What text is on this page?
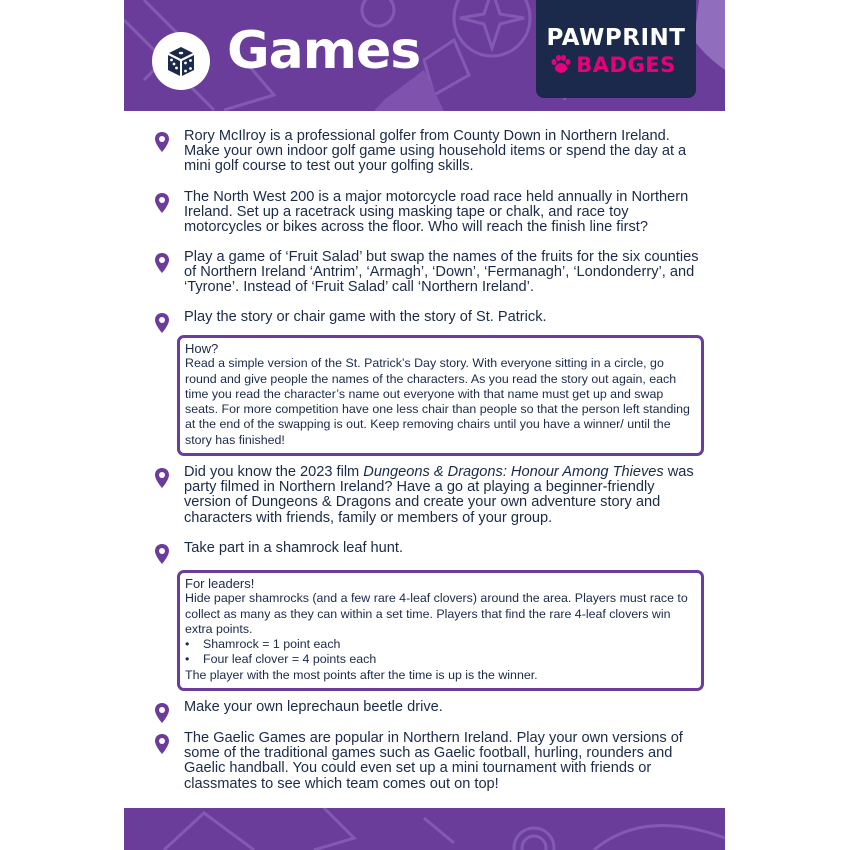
Games	PAWPRINT
BADGES
Rory McIlroy is a professional golfer from County Down in Northern Ireland. Make your own indoor golf game using household items or spend the day at a mini golf course to test out your golfing skills.
The North West 200 is a major motorcycle road race held annually in Northern Ireland. Set up a racetrack using masking tape or chalk, and race toy motorcycles or bikes across the floor. Who will reach the finish line first?
Play a game of ‘Fruit Salad’ but swap the names of the fruits for the six counties of Northern Ireland ‘Antrim’, ‘Armagh’, ‘Down’, ‘Fermanagh’, ‘Londonderry’, and ‘Tyrone’. Instead of ‘Fruit Salad’ call ‘Northern Ireland’.
Play the story or chair game with the story of St. Patrick.
How?
Read a simple version of the St. Patrick’s Day story. With everyone sitting in a circle, go round and give people the names of the characters. As you read the story out again, each time you read the character’s name out everyone with that name must get up and swap seats. For more competition have one less chair than people so that the person left standing at the end of the swapping is out. Keep removing chairs until you have a winner/ until the story has finished!
Did you know the 2023 film Dungeons & Dragons: Honour Among Thieves was party filmed in Northern Ireland? Have a go at playing a beginner-friendly version of Dungeons & Dragons and create your own adventure story and characters with friends, family or members of your group.
Take part in a shamrock leaf hunt.
For leaders!
Hide paper shamrocks (and a few rare 4-leaf clovers) around the area. Players must race to collect as many as they can within a set time. Players that find the rare 4-leaf clovers win extra points.
•	Shamrock = 1 point each
•	Four leaf clover = 4 points each
The player with the most points after the time is up is the winner.
Make your own leprechaun beetle drive.
The Gaelic Games are popular in Northern Ireland. Play your own versions of some of the traditional games such as Gaelic football, hurling, rounders and Gaelic handball. You could even set up a mini tournament with friends or classmates to see which team comes out on top!
